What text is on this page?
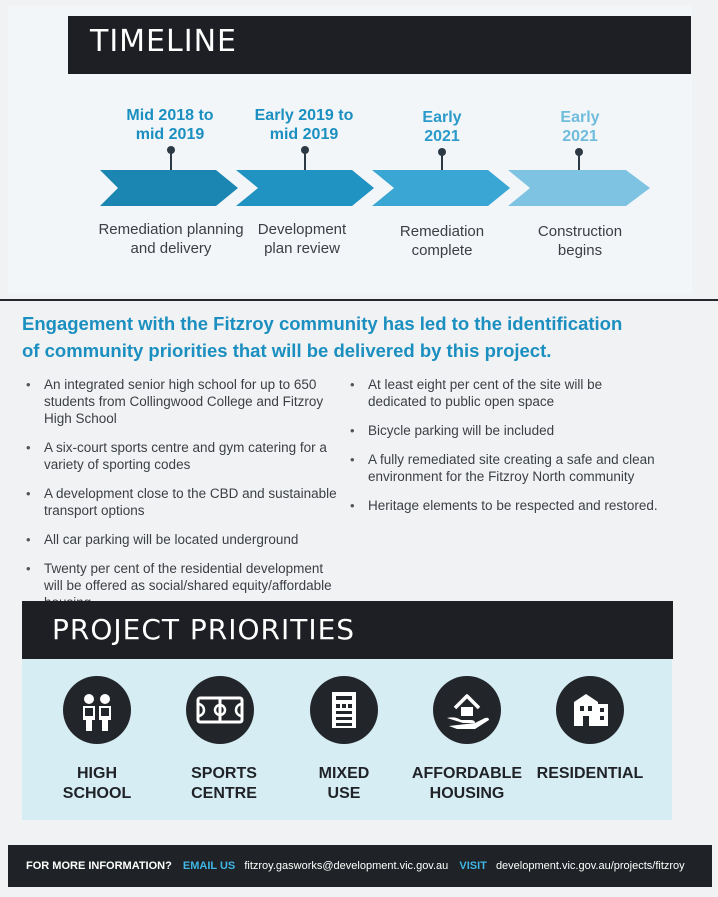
TIMELINE
Mid 2018 to
mid 2019
Early 2019 to
mid 2019
Early
2021
Early
2021
Remediation planning
and delivery
Development
plan review
Remediation
complete
Construction
begins
Engagement with the Fitzroy community has led to the identification
of community priorities that will be delivered by this project.
• An integrated senior high school for up to 650 students from Collingwood College and Fitzroy High School
• A six-court sports centre and gym catering for a variety of sporting codes
• A development close to the CBD and sustainable transport options
• All car parking will be located underground
• Twenty per cent of the residential development will be offered as social/shared equity/affordable
• At least eight per cent of the site will be dedicated to public open space
• Bicycle parking will be included
• A fully remediated site creating a safe and clean environment for the Fitzroy North community
• Heritage elements to be respected and restored.
PROJECT PRIORITIES
HIGH
SCHOOL
SPORTS
CENTRE
MIXED
USE
AFFORDABLE
HOUSING
RESIDENTIAL
FOR MORE INFORMATION? EMAIL US fitzroy.gasworks@development.vic.gov.au VISIT development.vic.gov.au/projects/fitzroy
